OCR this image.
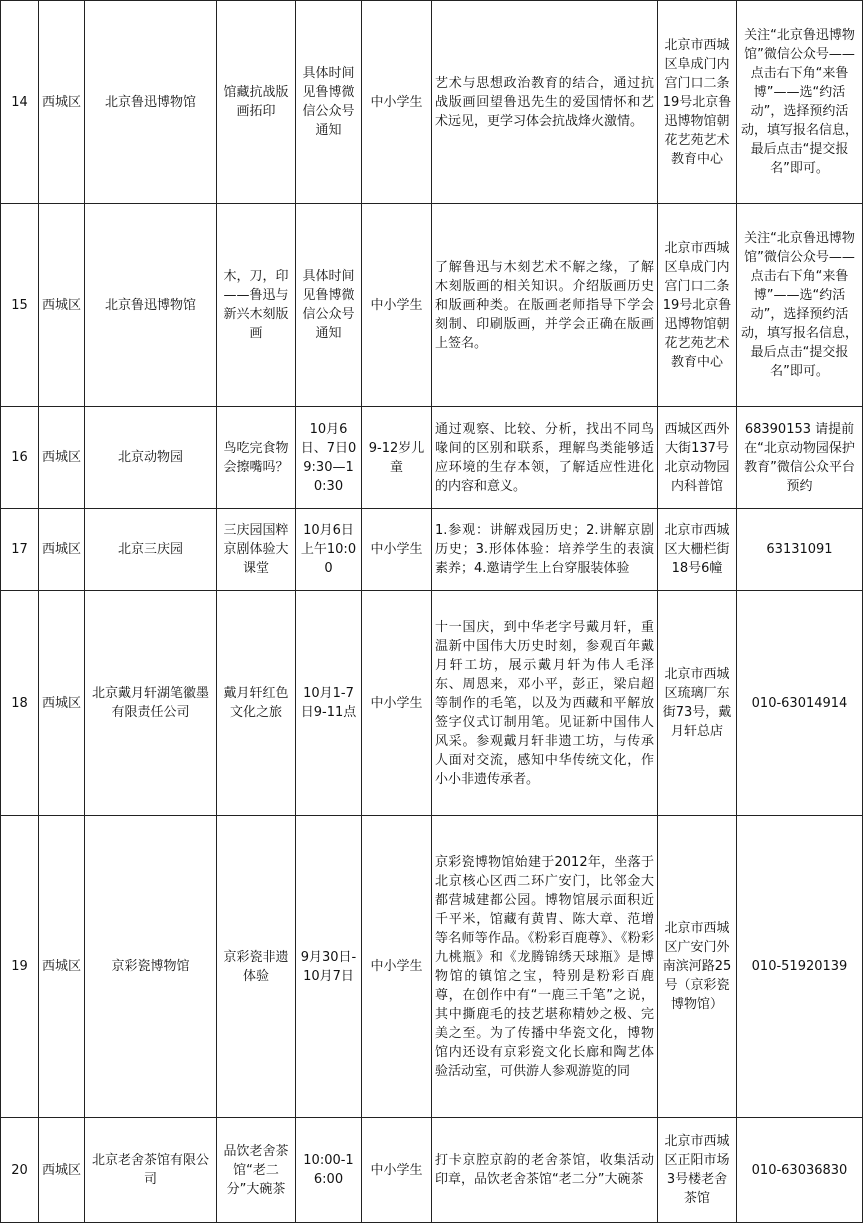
14	西城区	北京鲁迅博物馆	馆藏抗战版画拓印	具体时间见鲁博微信公众号通知	中小学生	艺术与思想政治教育的结合，通过抗战版画回望鲁迅先生的爱国情怀和艺术远见，更学习体会抗战烽火激情。	北京市西城区阜成门内宫门口二条19号北京鲁迅博物馆朝花艺苑艺术教育中心	关注“北京鲁迅博物馆”微信公众号——点击右下角“来鲁博”——选“约活动”，选择预约活动，填写报名信息，最后点击“提交报名”即可。
15	西城区	北京鲁迅博物馆	木，刀，印——鲁迅与新兴木刻版画	具体时间见鲁博微信公众号通知	中小学生	了解鲁迅与木刻艺术不解之缘，了解木刻版画的相关知识。介绍版画历史和版画种类。在版画老师指导下学会刻制、印刷版画，并学会正确在版画上签名。	北京市西城区阜成门内宫门口二条19号北京鲁迅博物馆朝花艺苑艺术教育中心	关注“北京鲁迅博物馆”微信公众号——点击右下角“来鲁博”——选“约活动”，选择预约活动，填写报名信息，最后点击“提交报名”即可。
16	西城区	北京动物园	鸟吃完食物会擦嘴吗？	10月6日、7日09:30—10:30	9-12岁儿童	通过观察、比较、分析，找出不同鸟喙间的区别和联系，理解鸟类能够适应环境的生存本领，了解适应性进化的内容和意义。	西城区西外大街137号北京动物园内科普馆	68390153 请提前在“北京动物园保护教育”微信公众平台预约
17	西城区	北京三庆园	三庆园国粹京剧体验大课堂	10月6日上午10:00	中小学生	1.参观：讲解戏园历史；2.讲解京剧历史；3.形体体验：培养学生的表演素养；4.邀请学生上台穿服装体验	北京市西城区大栅栏街18号6幢	63131091
18	西城区	北京戴月轩湖笔徽墨有限责任公司	戴月轩红色文化之旅	10月1-7日9-11点	中小学生	十一国庆，到中华老字号戴月轩，重温新中国伟大历史时刻，参观百年戴月轩工坊，展示戴月轩为伟人毛泽东、周恩来，邓小平，彭正，梁启超等制作的毛笔，以及为西藏和平解放签字仪式订制用笔。见证新中国伟人风采。参观戴月轩非遗工坊，与传承人面对交流，感知中华传统文化，作小小非遗传承者。	北京市西城区琉璃厂东街73号，戴月轩总店	010-63014914
19	西城区	京彩瓷博物馆	京彩瓷非遗体验	9月30日-10月7日	中小学生	京彩瓷博物馆始建于2012年，坐落于北京核心区西二环广安门，比邻金大都营城建都公园。博物馆展示面积近千平米，馆藏有黄胄、陈大章、范增等名师等作品。《粉彩百鹿尊》、《粉彩九桃瓶》和《龙腾锦绣天球瓶》是博物馆的镇馆之宝，特别是粉彩百鹿尊，在创作中有“一鹿三千笔”之说，其中撕鹿毛的技艺堪称精妙之极、完美之至。为了传播中华瓷文化，博物馆内还设有京彩瓷文化长廊和陶艺体验活动室，可供游人参观游览的同	北京市西城区广安门外南滨河路25号（京彩瓷博物馆）	010-51920139
20	西城区	北京老舍茶馆有限公司	品饮老舍茶馆“老二分”大碗茶	10:00-16:00	中小学生	打卡京腔京韵的老舍茶馆，收集活动印章，品饮老舍茶馆“老二分”大碗茶	北京市西城区正阳市场3号楼老舍茶馆	010-63036830
